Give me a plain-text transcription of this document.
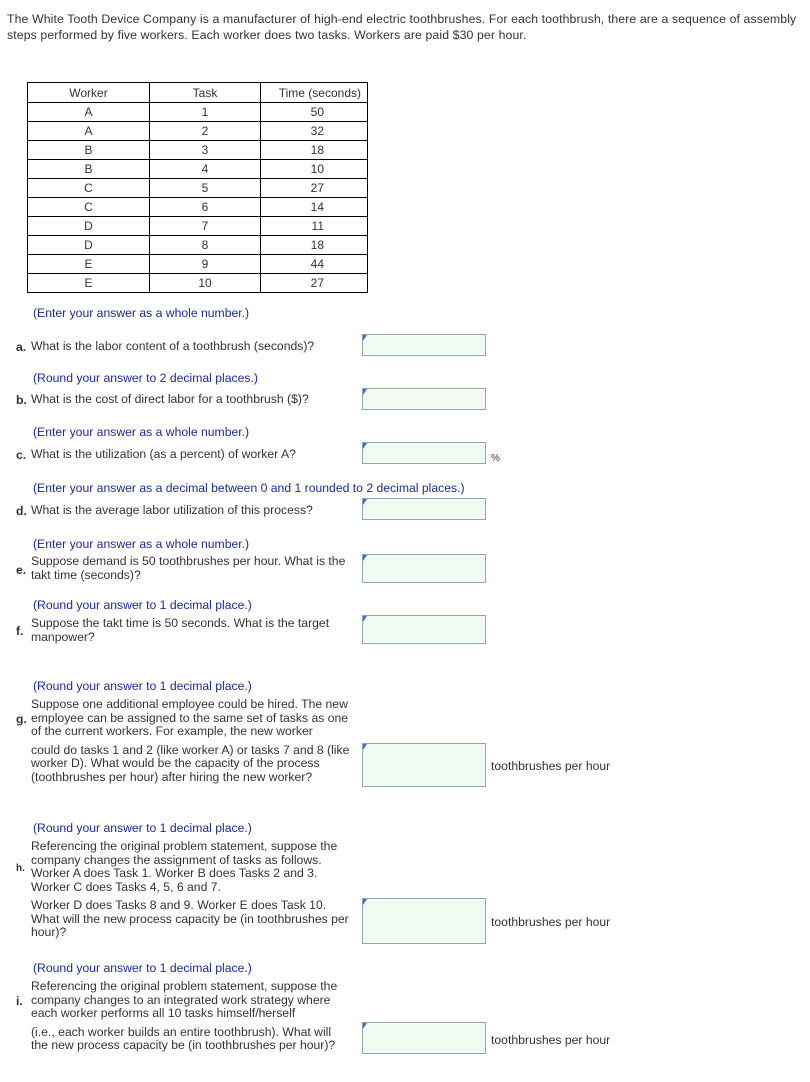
The White Tooth Device Company is a manufacturer of high-end electric toothbrushes. For each toothbrush, there are a sequence of assembly steps performed by five workers. Each worker does two tasks. Workers are paid $30 per hour.
Worker	Task	Time (seconds)
A	1	50
A	2	32
B	3	18
B	4	10
C	5	27
C	6	14
D	7	11
D	8	18
E	9	44
E	10	27
(Enter your answer as a whole number.)
a. What is the labor content of a toothbrush (seconds)?
(Round your answer to 2 decimal places.)
b. What is the cost of direct labor for a toothbrush ($)?
(Enter your answer as a whole number.)
c. What is the utilization (as a percent) of worker A?	%
(Enter your answer as a decimal between 0 and 1 rounded to 2 decimal places.)
d. What is the average labor utilization of this process?
(Enter your answer as a whole number.)
e.
Suppose demand is 50 toothbrushes per hour. What is the
takt time (seconds)?
(Round your answer to 1 decimal place.)
f.
Suppose the takt time is 50 seconds. What is the target
manpower?
(Round your answer to 1 decimal place.)
g.
Suppose one additional employee could be hired. The new
employee can be assigned to the same set of tasks as one
of the current workers. For example, the new worker
could do tasks 1 and 2 (like worker A) or tasks 7 and 8 (like
worker D). What would be the capacity of the process
(toothbrushes per hour) after hiring the new worker?
toothbrushes per hour
(Round your answer to 1 decimal place.)
h.
Referencing the original problem statement, suppose the
company changes the assignment of tasks as follows.
Worker A does Task 1. Worker B does Tasks 2 and 3.
Worker C does Tasks 4, 5, 6 and 7.
Worker D does Tasks 8 and 9. Worker E does Task 10.
What will the new process capacity be (in toothbrushes per
hour)?
toothbrushes per hour
(Round your answer to 1 decimal place.)
i.
Referencing the original problem statement, suppose the
company changes to an integrated work strategy where
each worker performs all 10 tasks himself/herself
(i.e., each worker builds an entire toothbrush). What will
the new process capacity be (in toothbrushes per hour)?	toothbrushes per hour
